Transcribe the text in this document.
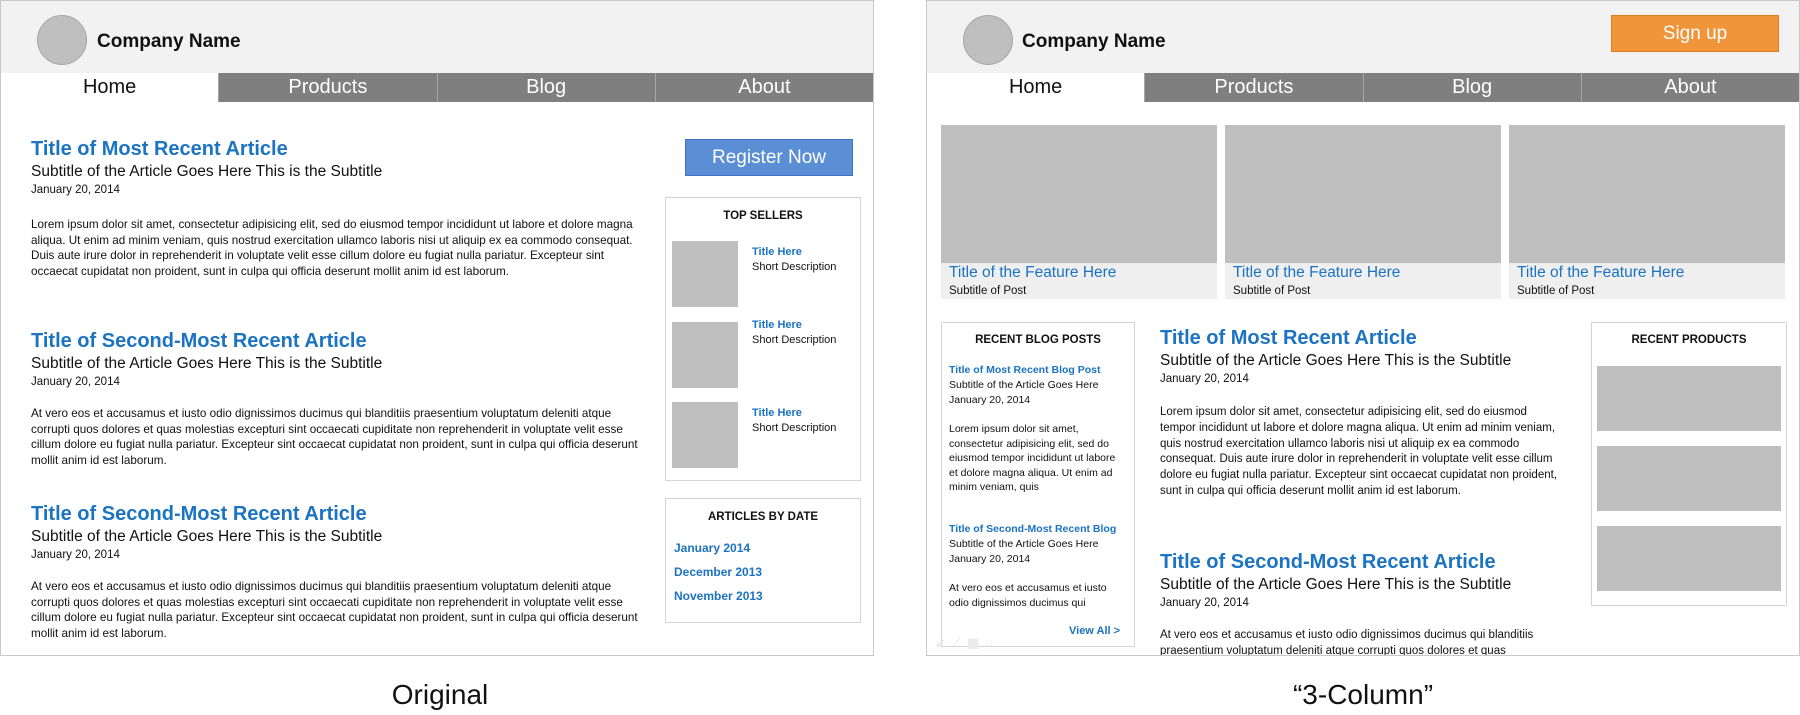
Company Name
Home	Products	Blog	About
Title of Most Recent Article
Subtitle of the Article Goes Here This is the Subtitle
January 20, 2014
Lorem ipsum dolor sit amet, consectetur adipisicing elit, sed do eiusmod tempor incididunt ut labore et dolore magna aliqua. Ut enim ad minim veniam, quis nostrud exercitation ullamco laboris nisi ut aliquip ex ea commodo consequat. Duis aute irure dolor in reprehenderit in voluptate velit esse cillum dolore eu fugiat nulla pariatur. Excepteur sint occaecat cupidatat non proident, sunt in culpa qui officia deserunt mollit anim id est laborum.
Title of Second-Most Recent Article
Subtitle of the Article Goes Here This is the Subtitle
January 20, 2014
At vero eos et accusamus et iusto odio dignissimos ducimus qui blanditiis praesentium voluptatum deleniti atque corrupti quos dolores et quas molestias excepturi sint occaecati cupiditate non reprehenderit in voluptate velit esse cillum dolore eu fugiat nulla pariatur. Excepteur sint occaecat cupidatat non proident, sunt in culpa qui officia deserunt mollit anim id est laborum.
Title of Second-Most Recent Article
Subtitle of the Article Goes Here This is the Subtitle
January 20, 2014
At vero eos et accusamus et iusto odio dignissimos ducimus qui blanditiis praesentium voluptatum deleniti atque corrupti quos dolores et quas molestias excepturi sint occaecati cupiditate non reprehenderit in voluptate velit esse cillum dolore eu fugiat nulla pariatur. Excepteur sint occaecat cupidatat non proident, sunt in culpa qui officia deserunt mollit anim id est laborum.
Register Now
TOP SELLERS
Title Here
Short Description
Title Here
Short Description
Title Here
Short Description
ARTICLES BY DATE
January 2014
December 2013
November 2013
Company Name	Sign up
Home	Products	Blog	About
Title of the Feature Here
Subtitle of Post
Title of the Feature Here
Subtitle of Post
Title of the Feature Here
Subtitle of Post
RECENT BLOG POSTS
Title of Most Recent Blog Post
Subtitle of the Article Goes Here
January 20, 2014
Lorem ipsum dolor sit amet, consectetur adipisicing elit, sed do eiusmod tempor incididunt ut labore et dolore magna aliqua. Ut enim ad minim veniam, quis
Title of Second-Most Recent Blog
Subtitle of the Article Goes Here
January 20, 2014
At vero eos et accusamus et iusto odio dignissimos ducimus qui
View All >
↙⟋▦◌
Title of Most Recent Article
Subtitle of the Article Goes Here This is the Subtitle
January 20, 2014
Lorem ipsum dolor sit amet, consectetur adipisicing elit, sed do eiusmod tempor incididunt ut labore et dolore magna aliqua. Ut enim ad minim veniam, quis nostrud exercitation ullamco laboris nisi ut aliquip ex ea commodo consequat. Duis aute irure dolor in reprehenderit in voluptate velit esse cillum dolore eu fugiat nulla pariatur. Excepteur sint occaecat cupidatat non proident, sunt in culpa qui officia deserunt mollit anim id est laborum.
Title of Second-Most Recent Article
Subtitle of the Article Goes Here This is the Subtitle
January 20, 2014
At vero eos et accusamus et iusto odio dignissimos ducimus qui blanditiis praesentium voluptatum deleniti atque corrupti quos dolores et quas
RECENT PRODUCTS
Original	“3-Column”
